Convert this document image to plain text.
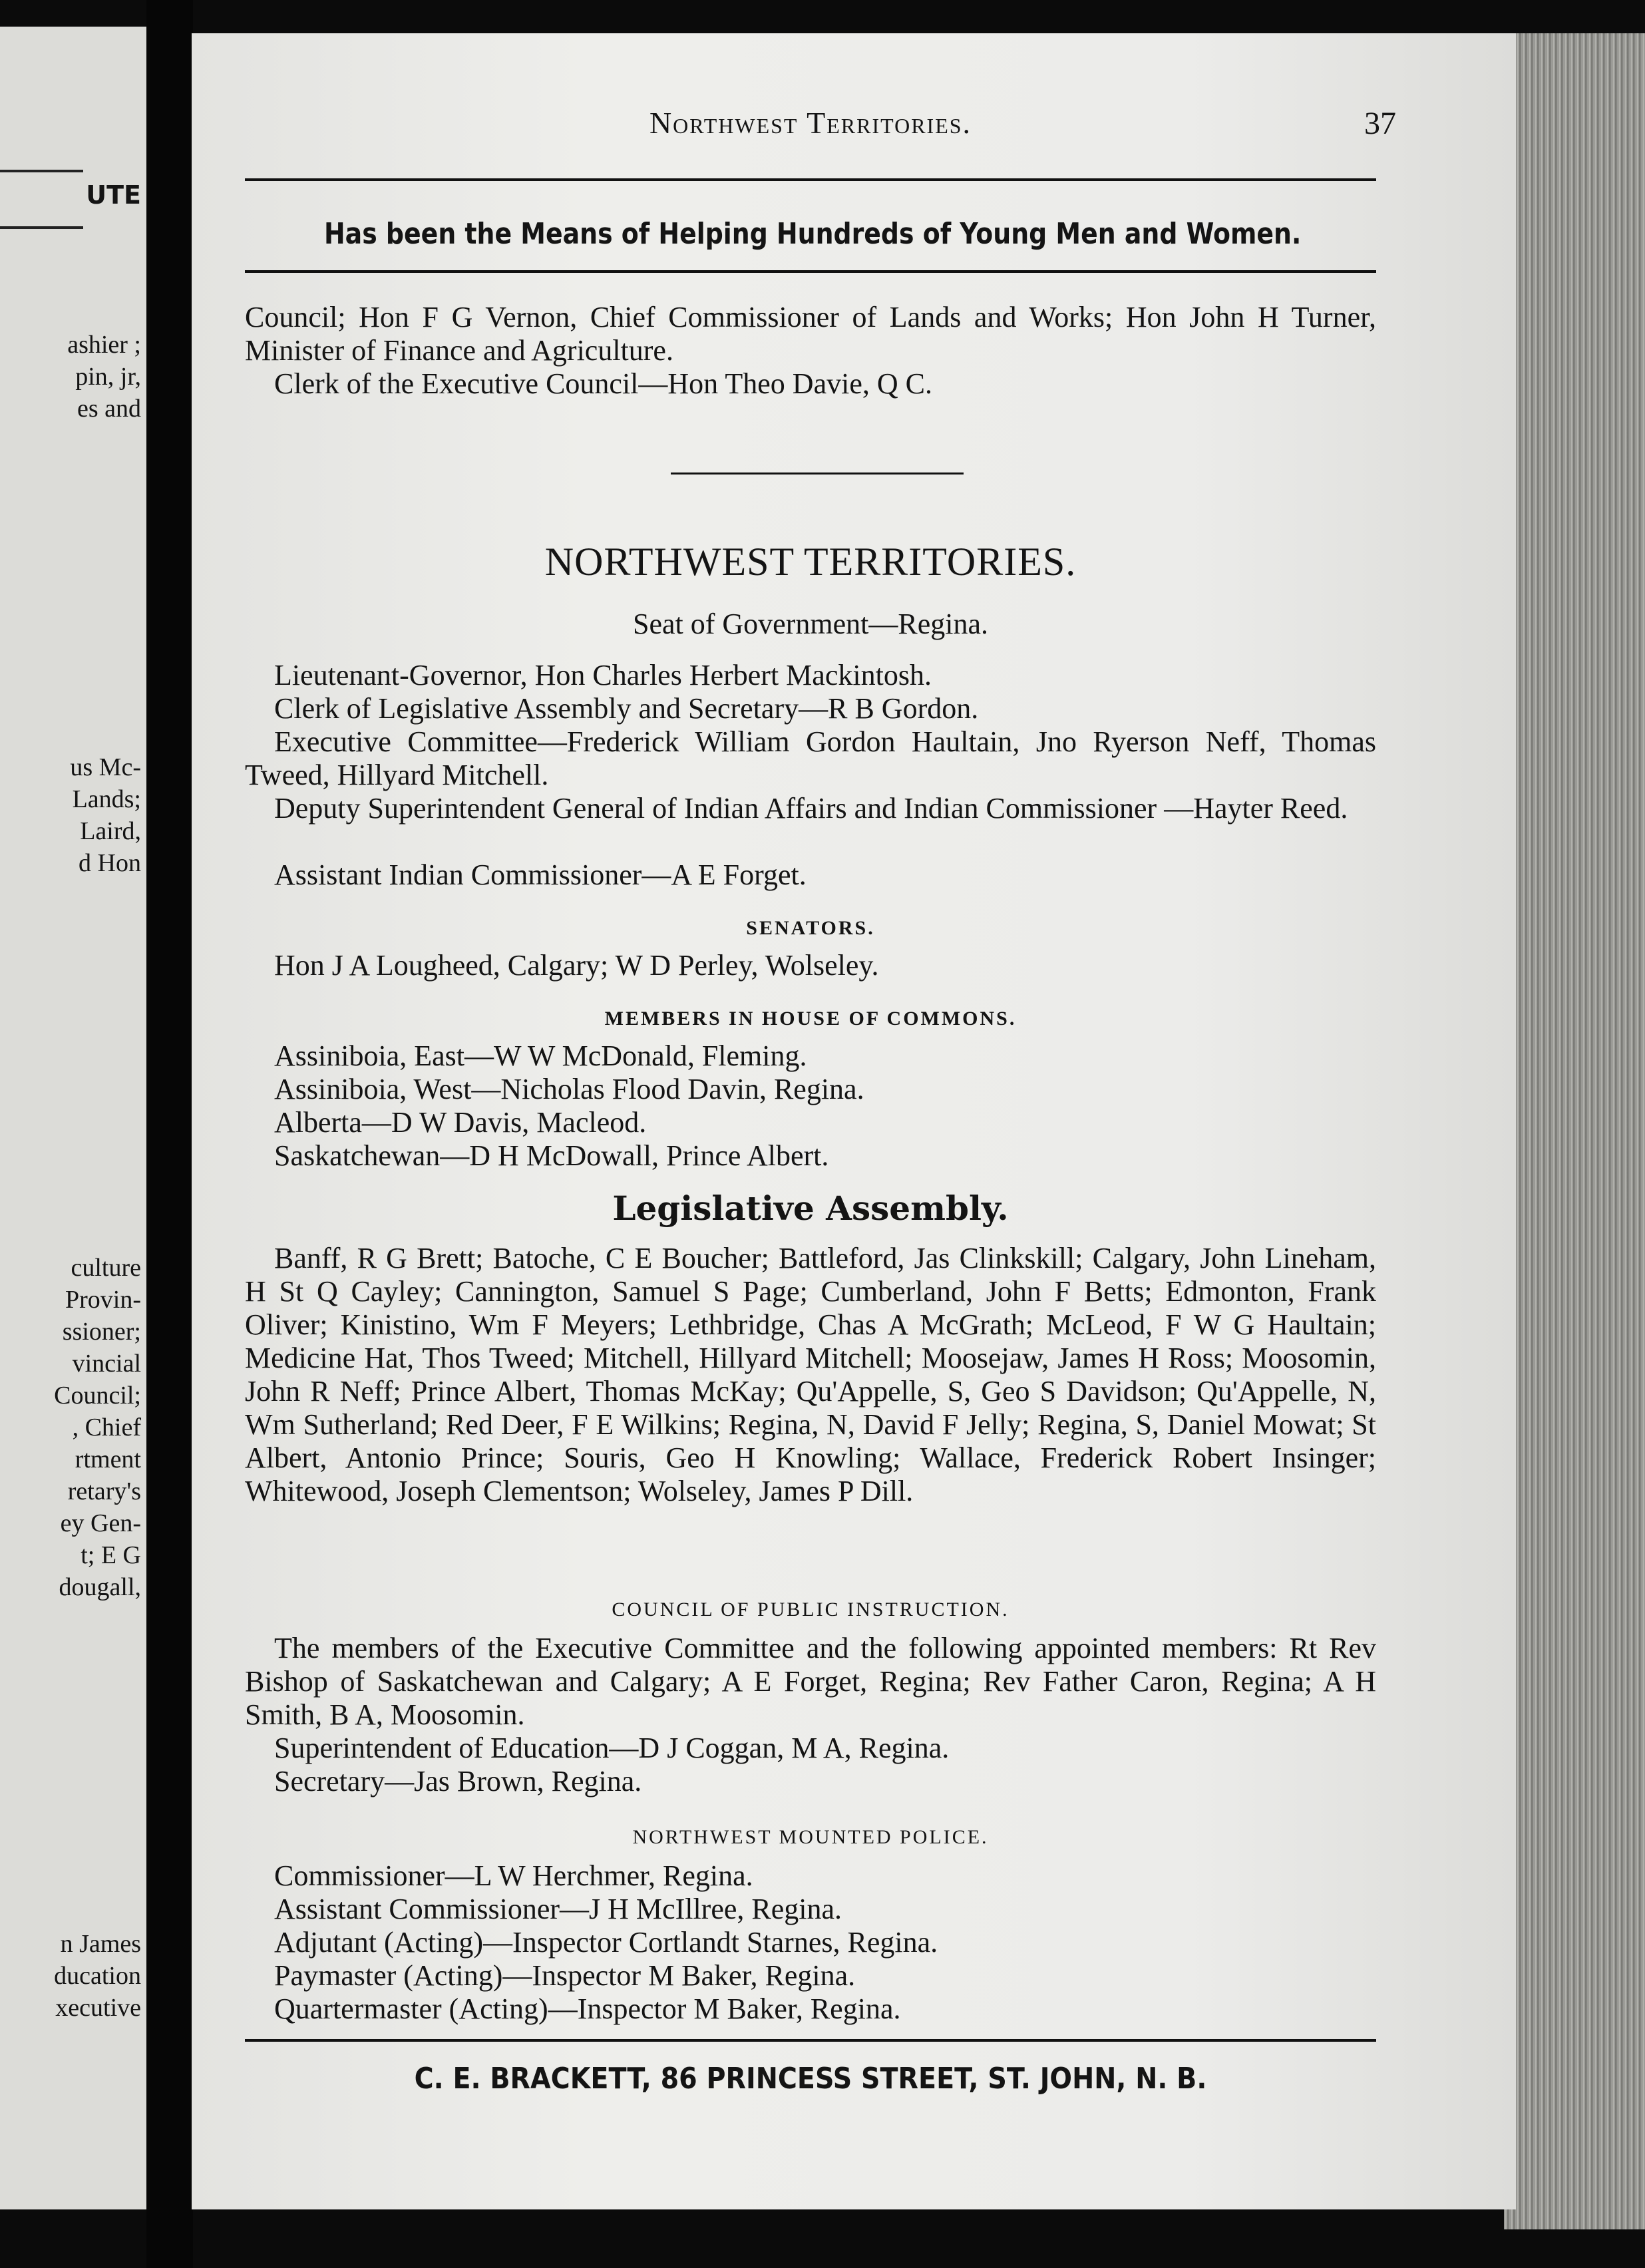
UTE
ashier ;
pin, jr,
es and
us Mc-
Lands;
Laird,
d Hon
culture
Provin-
ssioner;
vincial
Council;
, Chief
rtment
retary's
ey Gen-
t; E G
dougall,
n James
ducation
xecutive
Northwest Territories.	37
Has been the Means of Helping Hundreds of Young Men and Women.
Council; Hon F G Vernon, Chief Commissioner of Lands and Works; Hon John H Turner, Minister of Finance and Agriculture.
Clerk of the Executive Council—Hon Theo Davie, Q C.
NORTHWEST TERRITORIES.
Seat of Government—Regina.
Lieutenant-Governor, Hon Charles Herbert Mackintosh.
Clerk of Legislative Assembly and Secretary—R B Gordon.
Executive Committee—Frederick William Gordon Haultain, Jno Ryerson Neff, Thomas Tweed, Hillyard Mitchell.
Deputy Superintendent General of Indian Affairs and Indian Commissioner —Hayter Reed.
Assistant Indian Commissioner—A E Forget.
SENATORS.
Hon J A Lougheed, Calgary; W D Perley, Wolseley.
MEMBERS IN HOUSE OF COMMONS.
Assiniboia, East—W W McDonald, Fleming.
Assiniboia, West—Nicholas Flood Davin, Regina.
Alberta—D W Davis, Macleod.
Saskatchewan—D H McDowall, Prince Albert.
Legislative Assembly.
Banff, R G Brett; Batoche, C E Boucher; Battleford, Jas Clinkskill; Calgary, John Lineham, H St Q Cayley; Cannington, Samuel S Page; Cumberland, John F Betts; Edmonton, Frank Oliver; Kinistino, Wm F Meyers; Lethbridge, Chas A McGrath; McLeod, F W G Haultain; Medicine Hat, Thos Tweed; Mitchell, Hillyard Mitchell; Moosejaw, James H Ross; Moosomin, John R Neff; Prince Albert, Thomas McKay; Qu'Appelle, S, Geo S Davidson; Qu'Appelle, N, Wm Sutherland; Red Deer, F E Wilkins; Regina, N, David F Jelly; Regina, S, Daniel Mowat; St Albert, Antonio Prince; Souris, Geo H Knowling; Wallace, Frederick Robert Insinger; Whitewood, Joseph Clementson; Wolseley, James P Dill.
COUNCIL OF PUBLIC INSTRUCTION.
The members of the Executive Committee and the following appointed members: Rt Rev Bishop of Saskatchewan and Calgary; A E Forget, Regina; Rev Father Caron, Regina; A H Smith, B A, Moosomin.
Superintendent of Education—D J Coggan, M A, Regina.
Secretary—Jas Brown, Regina.
NORTHWEST MOUNTED POLICE.
Commissioner—L W Herchmer, Regina.
Assistant Commissioner—J H McIllree, Regina.
Adjutant (Acting)—Inspector Cortlandt Starnes, Regina.
Paymaster (Acting)—Inspector M Baker, Regina.
Quartermaster (Acting)—Inspector M Baker, Regina.
C. E. BRACKETT, 86 PRINCESS STREET, ST. JOHN, N. B.
